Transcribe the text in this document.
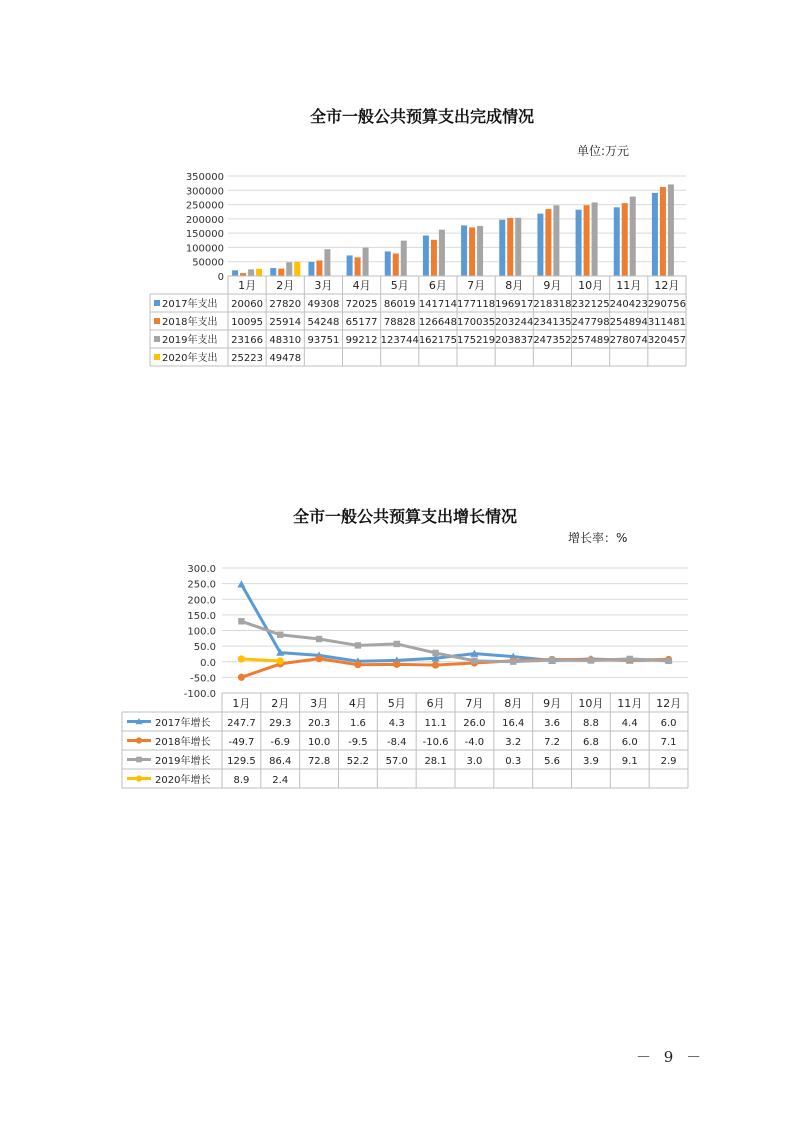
全市一般公共预算支出完成情况
单位:万元
0
50000
100000
150000
200000
250000
300000
350000
1月 2月 3月 4月 5月 6月 7月 8月 9月 10月 11月 12月
2017年支出 20060 27820 49308 72025 86019 141714 177118 196917 218318 232125 240423 290756
2018年支出 10095 25914 54248 65177 78828 126648 170035 203244 234135 247798 254894 311481
2019年支出 23166 48310 93751 99212 123744 162175 175219 203837 247352 257489 278074 320457
2020年支出 25223 49478
全市一般公共预算支出增长情况
增长率：%
-100.0
-50.0
0.0
50.0
100.0
150.0
200.0
250.0
300.0
1月 2月 3月 4月 5月 6月 7月 8月 9月 10月 11月 12月
2017年增长 247.7 29.3 20.3 1.6 4.3 11.1 26.0 16.4 3.6 8.8 4.4 6.0
2018年增长 -49.7 -6.9 10.0 -9.5 -8.4 -10.6 -4.0 3.2 7.2 6.8 6.0 7.1
2019年增长 129.5 86.4 72.8 52.2 57.0 28.1 3.0 0.3 5.6 3.9 9.1 2.9
2020年增长 8.9 2.4
－ 9 －
